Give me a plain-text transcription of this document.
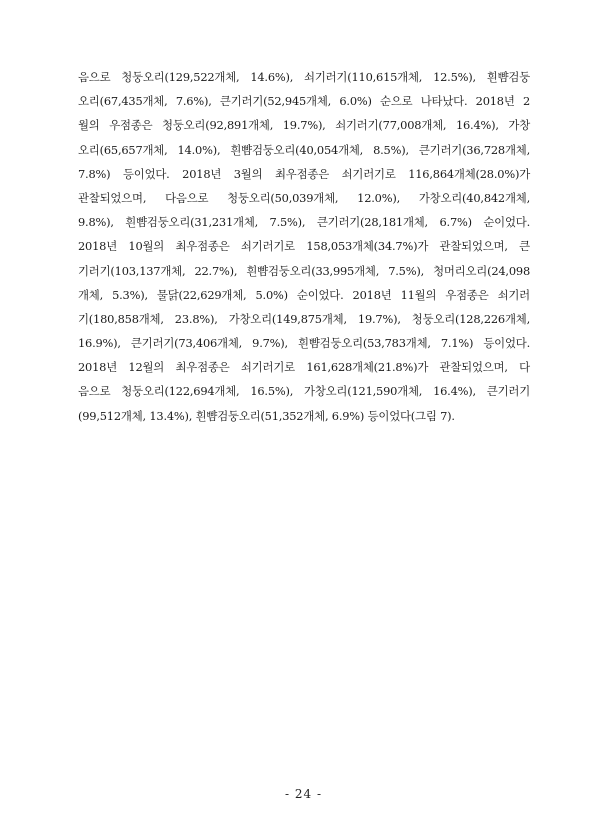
음으로 청둥오리(129,522개체, 14.6%), 쇠기러기(110,615개체, 12.5%), 흰뺨검둥
오리(67,435개체, 7.6%), 큰기러기(52,945개체, 6.0%) 순으로 나타났다. 2018년 2
월의 우점종은 청둥오리(92,891개체, 19.7%), 쇠기러기(77,008개체, 16.4%), 가창
오리(65,657개체, 14.0%), 흰뺨검둥오리(40,054개체, 8.5%), 큰기러기(36,728개체,
7.8%) 등이었다. 2018년 3월의 최우점종은 쇠기러기로 116,864개체(28.0%)가
관찰되었으며, 다음으로 청둥오리(50,039개체, 12.0%), 가창오리(40,842개체,
9.8%), 흰뺨검둥오리(31,231개체, 7.5%), 큰기러기(28,181개체, 6.7%) 순이었다.
2018년 10월의 최우점종은 쇠기러기로 158,053개체(34.7%)가 관찰되었으며, 큰
기러기(103,137개체, 22.7%), 흰뺨검둥오리(33,995개체, 7.5%), 청머리오리(24,098
개체, 5.3%), 물닭(22,629개체, 5.0%) 순이었다. 2018년 11월의 우점종은 쇠기러
기(180,858개체, 23.8%), 가창오리(149,875개체, 19.7%), 청둥오리(128,226개체,
16.9%), 큰기러기(73,406개체, 9.7%), 흰뺨검둥오리(53,783개체, 7.1%) 등이었다.
2018년 12월의 최우점종은 쇠기러기로 161,628개체(21.8%)가 관찰되었으며, 다
음으로 청둥오리(122,694개체, 16.5%), 가창오리(121,590개체, 16.4%), 큰기러기
(99,512개체, 13.4%), 흰뺨검둥오리(51,352개체, 6.9%) 등이었다(그림 7).
- 24 -
